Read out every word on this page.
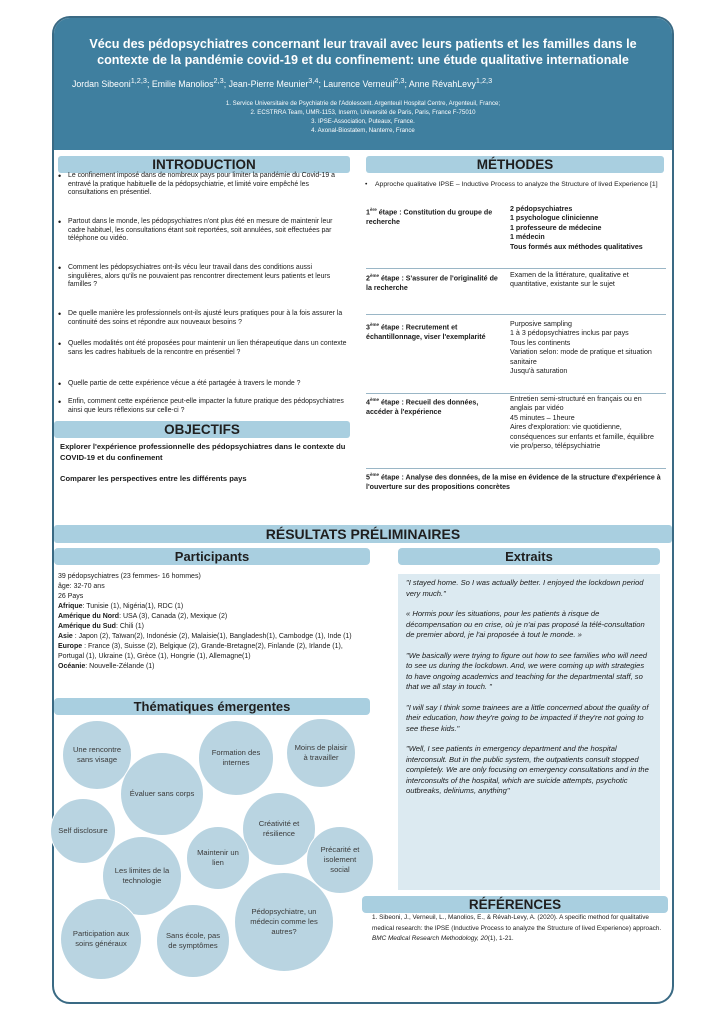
Vécu des pédopsychiatres concernant leur travail avec leurs patients et les familles dans le contexte de la pandémie covid-19 et du confinement: une étude qualitative internationale
Jordan Sibeoni$^{1,2,3}$; Emilie Manolios$^{2,3}$; Jean-Pierre Meunier$^{3,4}$; Laurence Verneuil$^{2,3}$; Anne RévahLevy$^{1,2,3}$
1. Service Universitaire de Psychiatrie de l'Adolescent. Argenteuil Hospital Centre, Argenteuil, France;
2. ECSTRRA Team, UMR-1153, Inserm, Université de Paris, Paris, France F-75010
3. IPSE-Association, Puteaux, France.
4. Axonal-Biostatem, Nanterre, France
INTRODUCTION
• Le confinement imposé dans de nombreux pays pour limiter la pandémie du Covid-19 a entravé la pratique habituelle de la pédopsychiatrie, et limité voire empêché les consultations en présentiel.
• Partout dans le monde, les pédopsychiatres n'ont plus été en mesure de maintenir leur cadre habituel, les consultations étant soit reportées, soit annulées, soit effectuées par téléphone ou vidéo.
• Comment les pédopsychiatres ont-ils vécu leur travail dans des conditions aussi singulières, alors qu'ils ne pouvaient pas rencontrer directement leurs patients et leurs familles ?
• De quelle manière les professionnels ont-ils ajusté leurs pratiques pour à la fois assurer la continuité des soins et répondre aux nouveaux besoins ?
• Quelles modalités ont été proposées pour maintenir un lien thérapeutique dans un contexte sans les cadres habituels de la rencontre en présentiel ?
• Quelle partie de cette expérience vécue a été partagée à travers le monde ?
• Enfin, comment cette expérience peut-elle impacter la future pratique des pédopsychiatres ainsi que leurs réflexions sur celle-ci ?
OBJECTIFS
Explorer l'expérience professionnelle des pédopsychiatres dans le contexte du COVID-19 et du confinement
Comparer les perspectives entre les différents pays
MÉTHODES
• Approche qualitative IPSE – Inductive Process to analyze the Structure of lived Experience [1]
1ère étape : Constitution du groupe de recherche
2 pédopsychiatres
1 psychologue clinicienne
1 professeure de médecine
1 médecin
Tous formés aux méthodes qualitatives
2ème étape : S'assurer de l'originalité de la recherche
Examen de la littérature, qualitative et quantitative, existante sur le sujet
3ème étape : Recrutement et échantillonnage, viser l'exemplarité
Purposive sampling
1 à 3 pédopsychiatres inclus par pays
Tous les continents
Variation selon: mode de pratique et situation sanitaire
Jusqu'à saturation
4ème étape : Recueil des données, accéder à l'expérience
Entretien semi-structuré en français ou en anglais par vidéo
45 minutes – 1heure
Aires d'exploration: vie quotidienne, conséquences sur enfants et famille, équilibre vie pro/perso, télépsychiatrie
5ème étape : Analyse des données, de la mise en évidence de la structure d'expérience à l'ouverture sur des propositions concrètes
RÉSULTATS PRÉLIMINAIRES
Participants
39 pédopsychiatres (23 femmes- 16 hommes)
âge: 32-70 ans
26 Pays
Afrique: Tunisie (1), Nigéria(1), RDC (1)
Amérique du Nord: USA (3), Canada (2), Mexique (2)
Amérique du Sud: Chili (1)
Asie : Japon (2), Taïwan(2), Indonésie (2), Malaisie(1), Bangladesh(1), Cambodge (1), Inde (1)
Europe : France (3), Suisse (2), Belgique (2), Grande-Bretagne(2), Finlande (2), Irlande (1), Portugal (1), Ukraine (1), Grèce (1), Hongrie (1), Allemagne(1)
Océanie: Nouvelle-Zélande (1)
Thématiques émergentes
Une rencontre sans visage
Formation des internes
Moins de plaisir à travailler
Évaluer sans corps
Self disclosure
Créativité et résilience
Maintenir un lien
Les limites de la technologie
Précarité et isolement social
Pédopsychiatre, un médecin comme les autres?
Participation aux soins généraux
Sans école, pas de symptômes
Extraits

"I stayed home. So I was actually better. I enjoyed the lockdown period very much."

« Hormis pour les situations, pour les patients à risque de décompensation ou en crise, où je n'ai pas proposé la télé-consultation de premier abord, je l'ai proposée à tout le monde. »

"We basically were trying to figure out how to see families who will need to see us during the lockdown. And, we were coming up with strategies to have ongoing academics and teaching for the departmental staff, so that we all stay in touch. "

"I will say I think some trainees are a little concerned about the quality of their education, how they're going to be impacted if they're not going to see these kids."

"Well, I see patients in emergency department and the hospital interconsult. But in the public system, the outpatients consult stopped completely. We are only focusing on emergency consultations and in the interconsults of the hospital, which are suicide attempts, psychotic outbreaks, deliriums, anything"

RÉFÉRENCES
1. Sibeoni, J., Verneuil, L., Manolios, E., & Révah-Levy, A. (2020). A specific method for qualitative medical research: the IPSE (Inductive Process to analyze the Structure of lived Experience) approach. BMC Medical Research Methodology, 20(1), 1-21.
